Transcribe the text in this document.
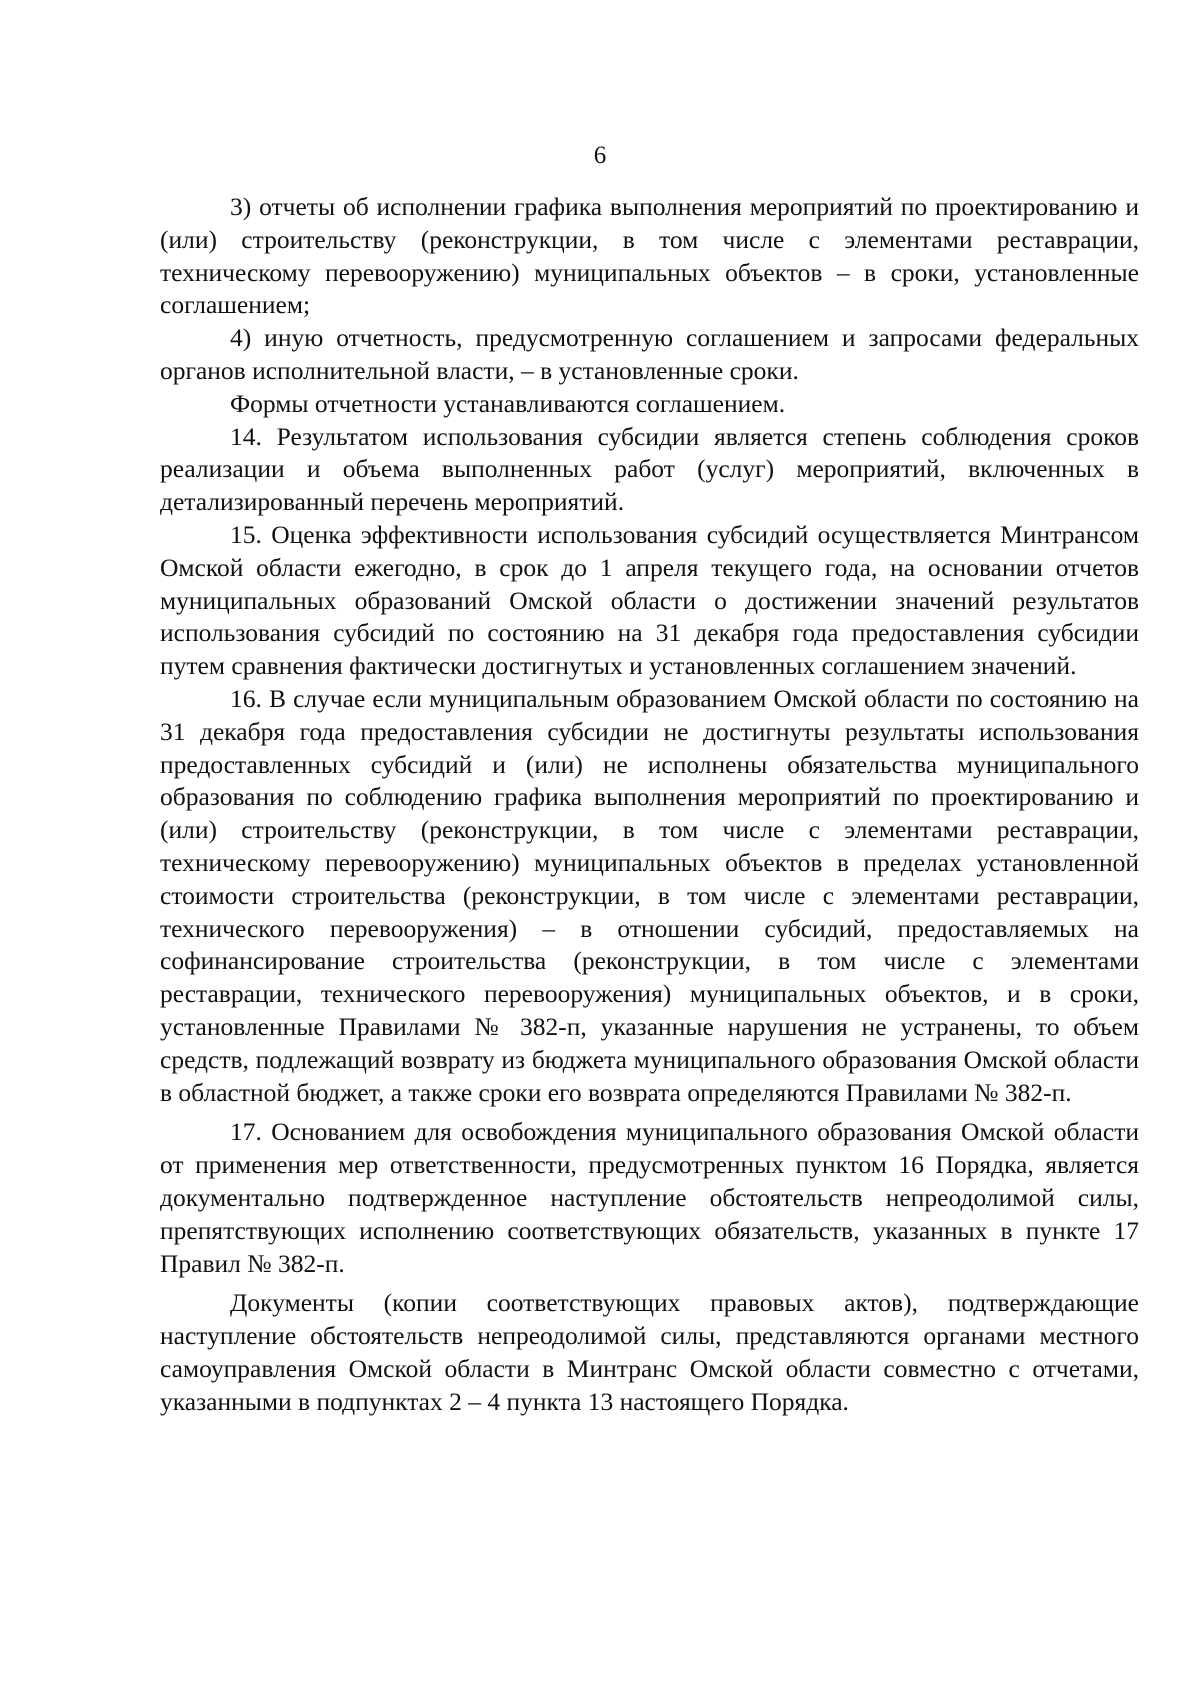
6

3) отчеты об исполнении графика выполнения мероприятий по проектированию и (или) строительству (реконструкции, в том числе с элементами реставрации, техническому перевооружению) муниципальных объектов – в сроки, установленные соглашением;

4) иную отчетность, предусмотренную соглашением и запросами федеральных органов исполнительной власти, – в установленные сроки.

Формы отчетности устанавливаются соглашением.

14. Результатом использования субсидии является степень соблюдения сроков реализации и объема выполненных работ (услуг) мероприятий, включенных в детализированный перечень мероприятий.

15. Оценка эффективности использования субсидий осуществляется Минтрансом Омской области ежегодно, в срок до 1 апреля текущего года, на основании отчетов муниципальных образований Омской области о достижении значений результатов использования субсидий по состоянию на 31 декабря года предоставления субсидии путем сравнения фактически достигнутых и установленных соглашением значений.

16. В случае если муниципальным образованием Омской области по состоянию на 31 декабря года предоставления субсидии не достигнуты результаты использования предоставленных субсидий и (или) не исполнены обязательства муниципального образования по соблюдению графика выполнения мероприятий по проектированию и (или) строительству (реконструкции, в том числе с элементами реставрации, техническому перевооружению) муниципальных объектов в пределах установленной стоимости строительства (реконструкции, в том числе с элементами реставрации, технического перевооружения) – в отношении субсидий, предоставляемых на софинансирование строительства (реконструкции, в том числе с элементами реставрации, технического перевооружения) муниципальных объектов, и в сроки, установленные Правилами № 382-п, указанные нарушения не устранены, то объем средств, подлежащий возврату из бюджета муниципального образования Омской области в областной бюджет, а также сроки его возврата определяются Правилами № 382-п.

17. Основанием для освобождения муниципального образования Омской области от применения мер ответственности, предусмотренных пунктом 16 Порядка, является документально подтвержденное наступление обстоятельств непреодолимой силы, препятствующих исполнению соответствующих обязательств, указанных в пункте 17 Правил № 382-п.

Документы (копии соответствующих правовых актов), подтверждающие наступление обстоятельств непреодолимой силы, представляются органами местного самоуправления Омской области в Минтранс Омской области совместно с отчетами, указанными в подпунктах 2 – 4 пункта 13 настоящего Порядка.
